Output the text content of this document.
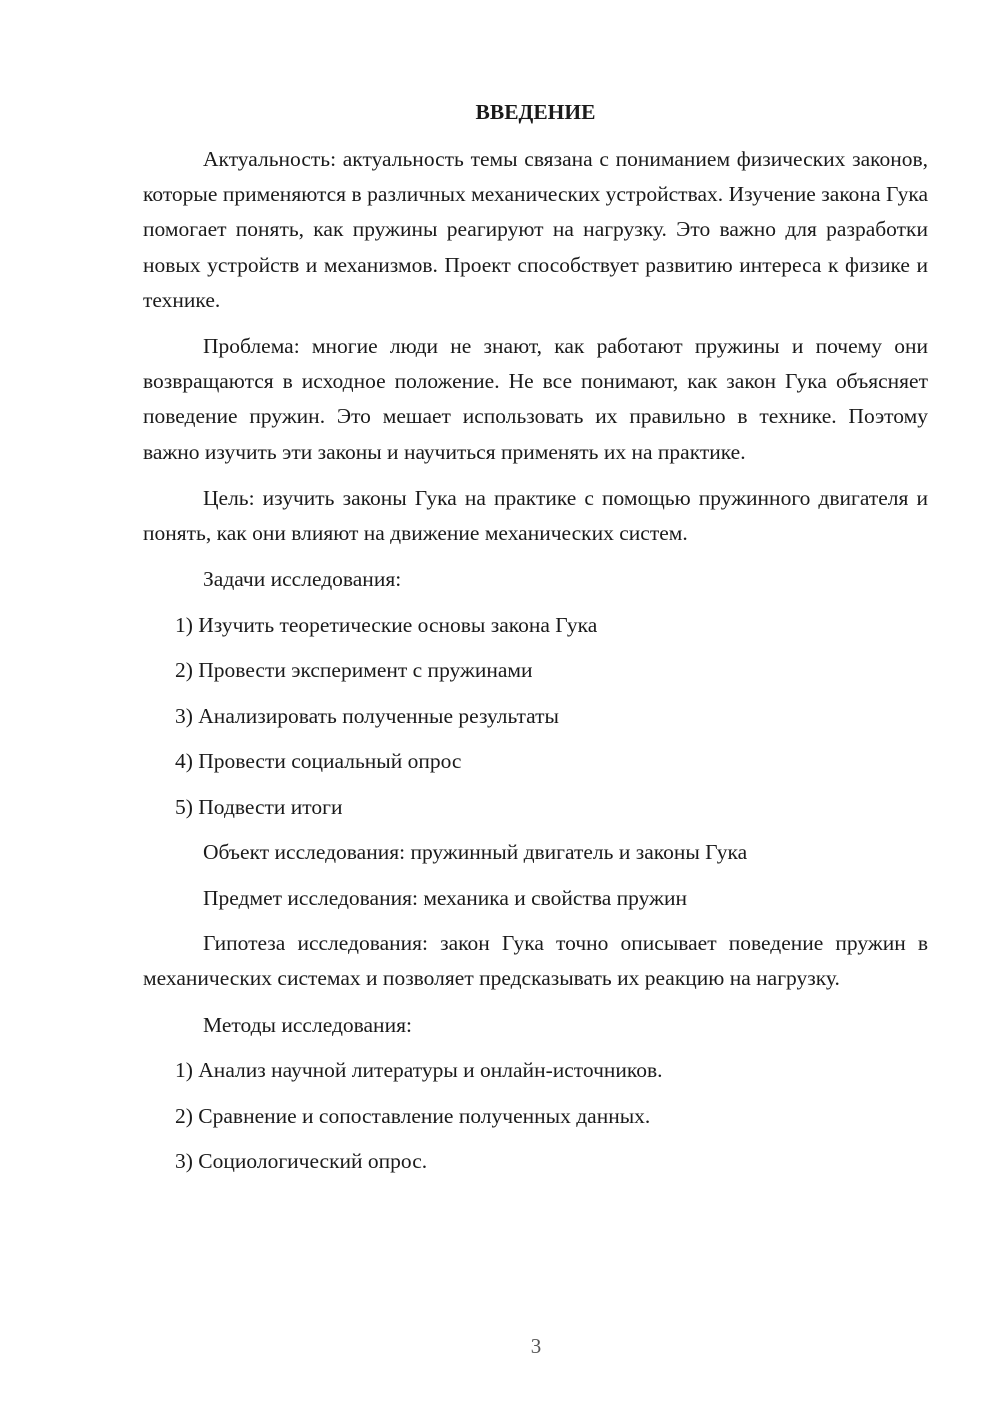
ВВЕДЕНИЕ

Актуальность: актуальность темы связана с пониманием физических законов, которые применяются в различных механических устройствах. Изучение закона Гука помогает понять, как пружины реагируют на нагрузку. Это важно для разработки новых устройств и механизмов. Проект способствует развитию интереса к физике и технике.

Проблема: многие люди не знают, как работают пружины и почему они возвращаются в исходное положение. Не все понимают, как закон Гука объясняет поведение пружин. Это мешает использовать их правильно в технике. Поэтому важно изучить эти законы и научиться применять их на практике.

Цель: изучить законы Гука на практике с помощью пружинного двигателя и понять, как они влияют на движение механических систем.

Задачи исследования:
1) Изучить теоретические основы закона Гука
2) Провести эксперимент с пружинами
3) Анализировать полученные результаты
4) Провести социальный опрос
5) Подвести итоги
Объект исследования: пружинный двигатель и законы Гука
Предмет исследования: механика и свойства пружин

Гипотеза исследования: закон Гука точно описывает поведение пружин в механических системах и позволяет предсказывать их реакцию на нагрузку.

Методы исследования:
1) Анализ научной литературы и онлайн-источников.
2) Сравнение и сопоставление полученных данных.
3) Социологический опрос.
3
